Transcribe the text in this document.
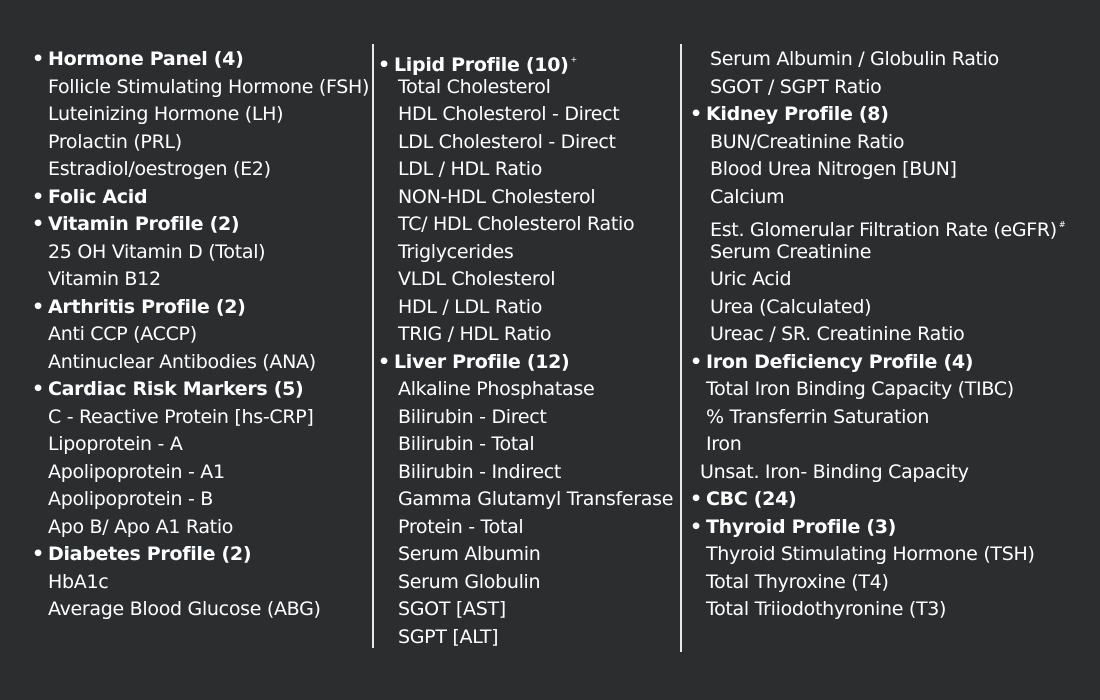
• Hormone Panel (4)
Follicle Stimulating Hormone (FSH)
Luteinizing Hormone (LH)
Prolactin (PRL)
Estradiol/oestrogen (E2)
• Folic Acid
• Vitamin Profile (2)
25 OH Vitamin D (Total)
Vitamin B12
• Arthritis Profile (2)
Anti CCP (ACCP)
Antinuclear Antibodies (ANA)
• Cardiac Risk Markers (5)
C - Reactive Protein [hs-CRP]
Lipoprotein - A
Apolipoprotein - A1
Apolipoprotein - B
Apo B/ Apo A1 Ratio
• Diabetes Profile (2)
HbA1c
Average Blood Glucose (ABG)
• Lipid Profile (10) +
Total Cholesterol
HDL Cholesterol - Direct
LDL Cholesterol - Direct
LDL / HDL Ratio
NON-HDL Cholesterol
TC/ HDL Cholesterol Ratio
Triglycerides
VLDL Cholesterol
HDL / LDL Ratio
TRIG / HDL Ratio
• Liver Profile (12)
Alkaline Phosphatase
Bilirubin - Direct
Bilirubin - Total
Bilirubin - Indirect
Gamma Glutamyl Transferase
Protein - Total
Serum Albumin
Serum Globulin
SGOT [AST]
SGPT [ALT]
Serum Albumin / Globulin Ratio
SGOT / SGPT Ratio
• Kidney Profile (8)
BUN/Creatinine Ratio
Blood Urea Nitrogen [BUN]
Calcium
Est. Glomerular Filtration Rate (eGFR) #
Serum Creatinine
Uric Acid
Urea (Calculated)
Ureac / SR. Creatinine Ratio
• Iron Deficiency Profile (4)
Total Iron Binding Capacity (TIBC)
% Transferrin Saturation
Iron
Unsat. Iron- Binding Capacity
• CBC (24)
• Thyroid Profile (3)
Thyroid Stimulating Hormone (TSH)
Total Thyroxine (T4)
Total Triiodothyronine (T3)
